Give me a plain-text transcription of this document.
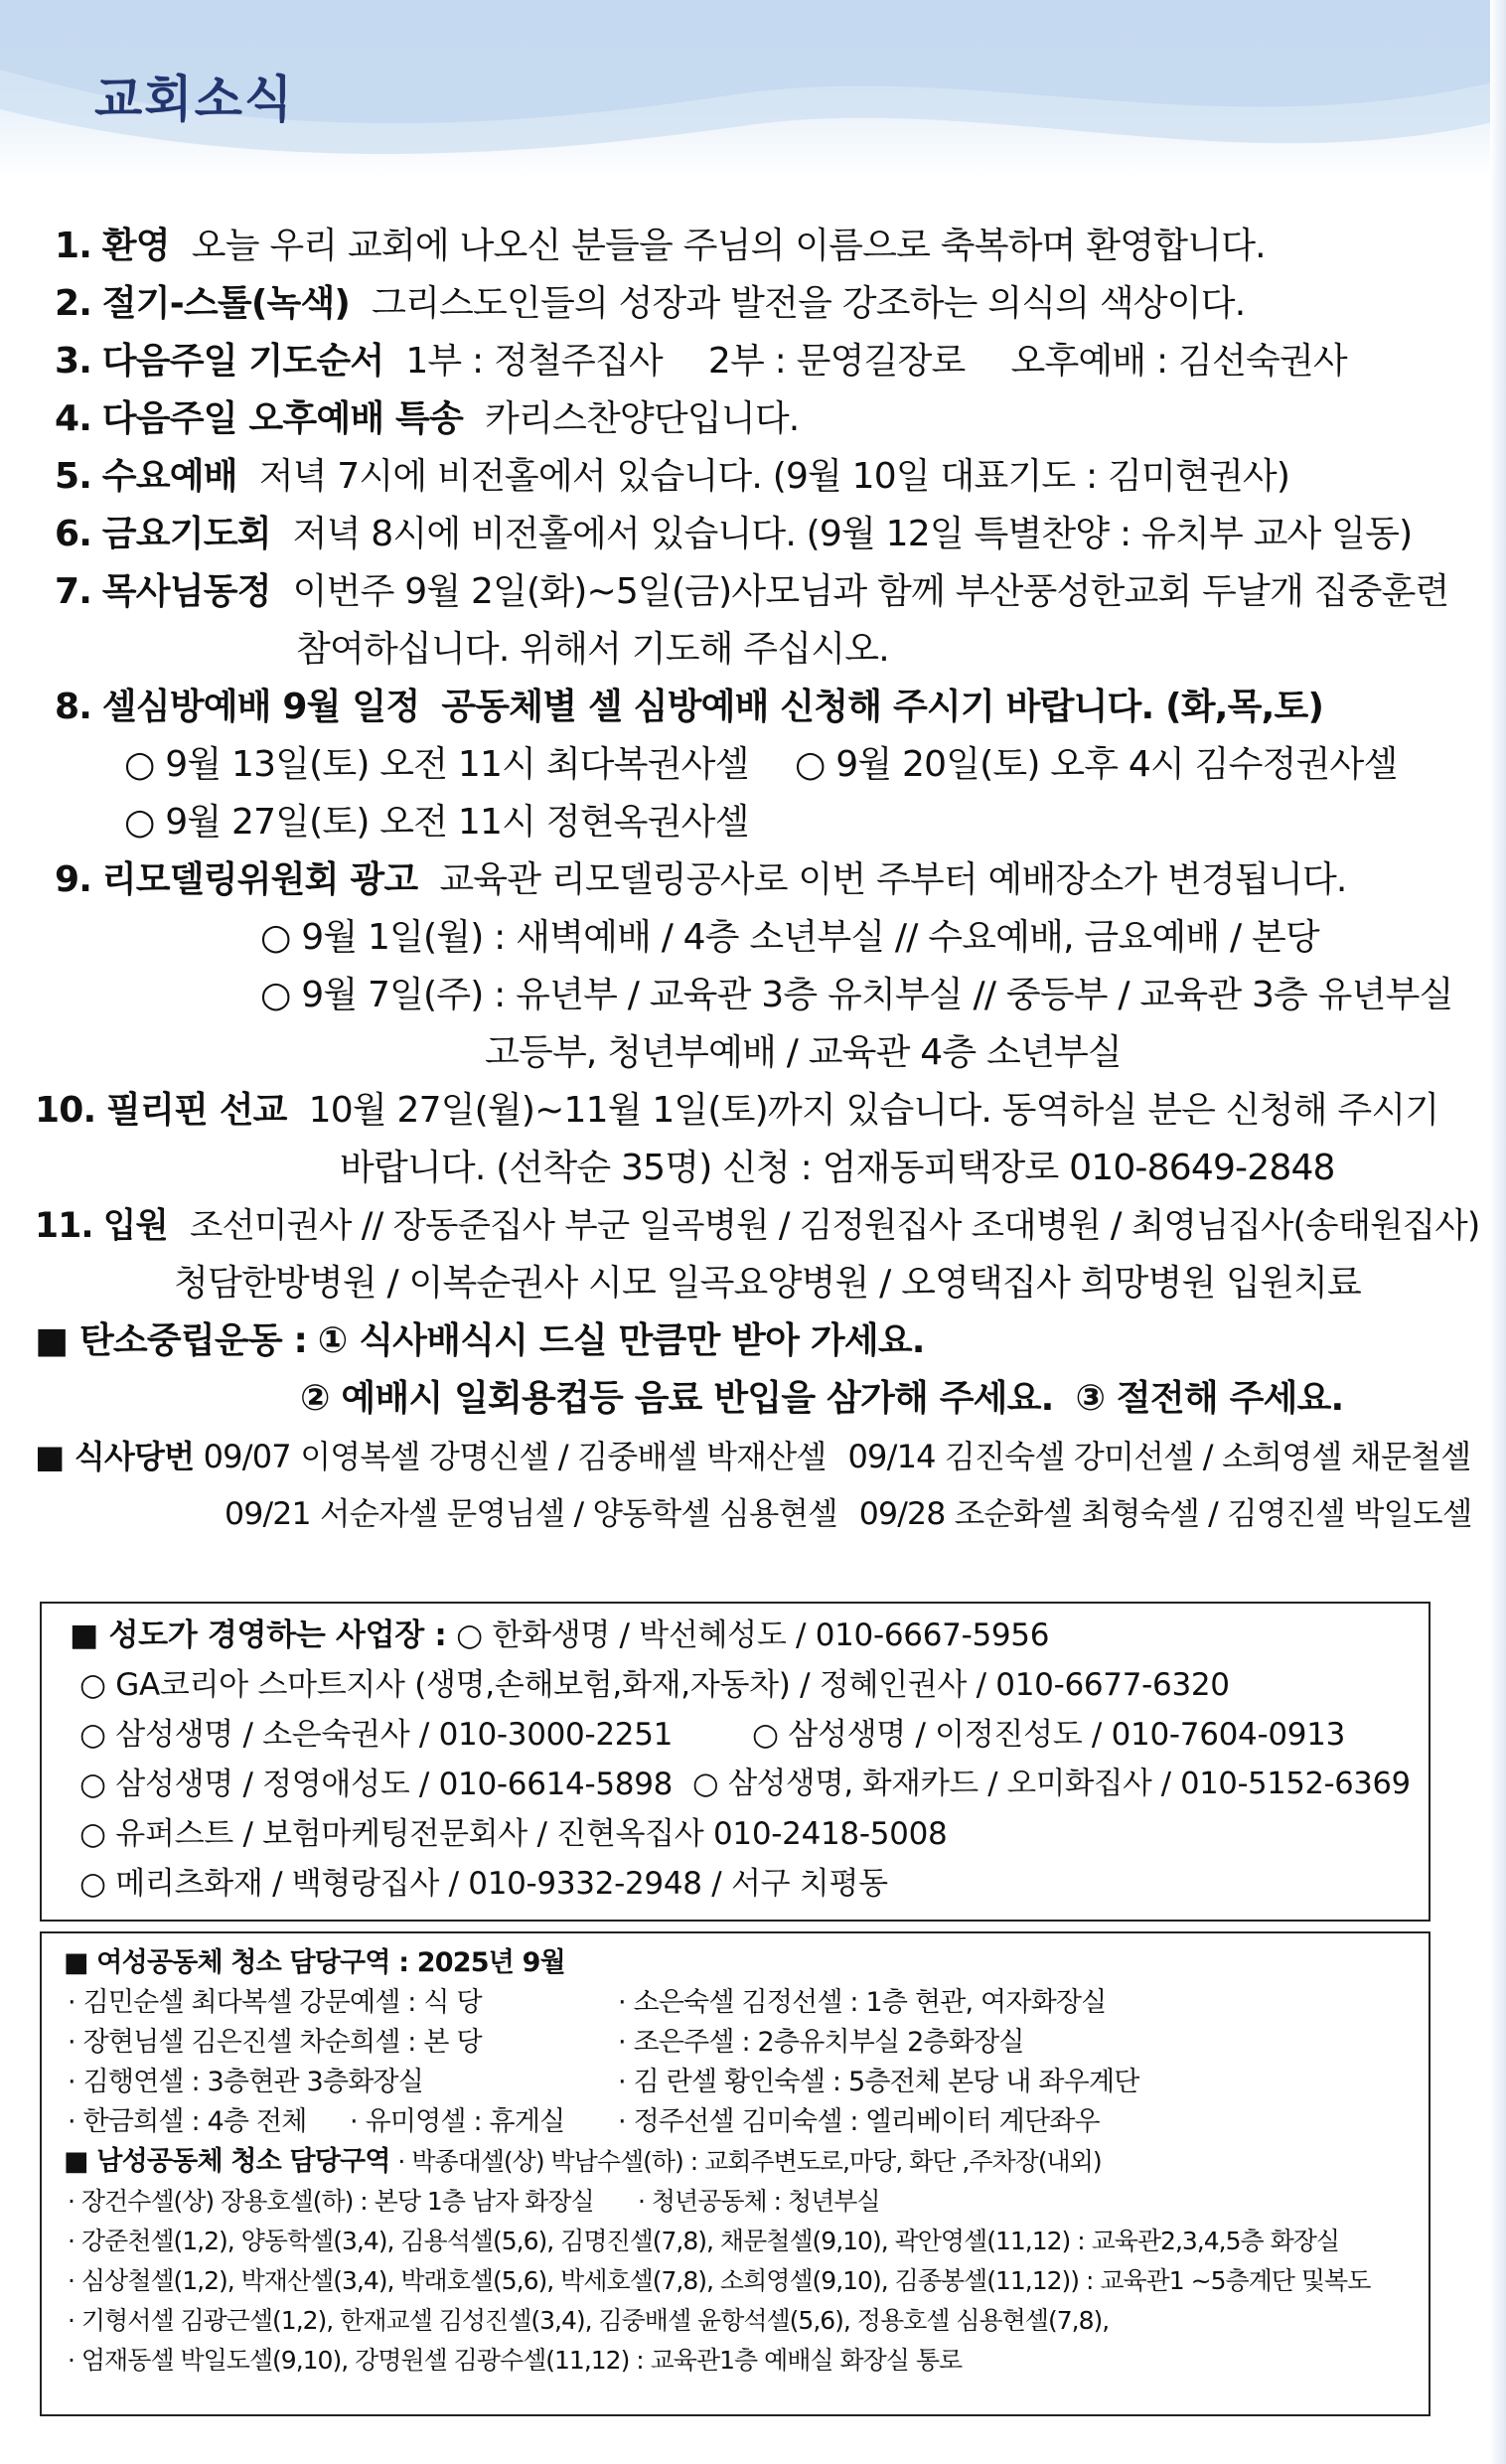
교회소식
1. 환영 오늘 우리 교회에 나오신 분들을 주님의 이름으로 축복하며 환영합니다.
2. 절기-스톨(녹색) 그리스도인들의 성장과 발전을 강조하는 의식의 색상이다.
3. 다음주일 기도순서 1부 : 정철주집사 2부 : 문영길장로 오후예배 : 김선숙권사
4. 다음주일 오후예배 특송 카리스찬양단입니다.
5. 수요예배 저녁 7시에 비전홀에서 있습니다. (9월 10일 대표기도 : 김미현권사)
6. 금요기도회 저녁 8시에 비전홀에서 있습니다. (9월 12일 특별찬양 : 유치부 교사 일동)
7. 목사님동정 이번주 9월 2일(화)~5일(금)사모님과 함께 부산풍성한교회 두날개 집중훈련
참여하십니다. 위해서 기도해 주십시오.
8. 셀심방예배 9월 일정 공동체별 셀 심방예배 신청해 주시기 바랍니다. (화,목,토)
○ 9월 13일(토) 오전 11시 최다복권사셀 ○ 9월 20일(토) 오후 4시 김수정권사셀
○ 9월 27일(토) 오전 11시 정현옥권사셀
9. 리모델링위원회 광고 교육관 리모델링공사로 이번 주부터 예배장소가 변경됩니다.
○ 9월 1일(월) : 새벽예배 / 4층 소년부실 // 수요예배, 금요예배 / 본당
○ 9월 7일(주) : 유년부 / 교육관 3층 유치부실 // 중등부 / 교육관 3층 유년부실
고등부, 청년부예배 / 교육관 4층 소년부실
10. 필리핀 선교 10월 27일(월)~11월 1일(토)까지 있습니다. 동역하실 분은 신청해 주시기
바랍니다. (선착순 35명) 신청 : 엄재동피택장로 010-8649-2848
11. 입원 조선미권사 // 장동준집사 부군 일곡병원 / 김정원집사 조대병원 / 최영님집사(송태원집사)
청담한방병원 / 이복순권사 시모 일곡요양병원 / 오영택집사 희망병원 입원치료
■ 탄소중립운동 : ① 식사배식시 드실 만큼만 받아 가세요.
② 예배시 일회용컵등 음료 반입을 삼가해 주세요. ③ 절전해 주세요.
■ 식사당번 09/07 이영복셀 강명신셀 / 김중배셀 박재산셀 09/14 김진숙셀 강미선셀 / 소희영셀 채문철셀
09/21 서순자셀 문영님셀 / 양동학셀 심용현셀 09/28 조순화셀 최형숙셀 / 김영진셀 박일도셀
■ 성도가 경영하는 사업장 : ○ 한화생명 / 박선혜성도 / 010-6667-5956
○ GA코리아 스마트지사 (생명,손해보험,화재,자동차) / 정혜인권사 / 010-6677-6320
○ 삼성생명 / 소은숙권사 / 010-3000-2251	○ 삼성생명 / 이정진성도 / 010-7604-0913
○ 삼성생명 / 정영애성도 / 010-6614-5898 ○ 삼성생명, 화재카드 / 오미화집사 / 010-5152-6369
○ 유퍼스트 / 보험마케팅전문회사 / 진현옥집사 010-2418-5008
○ 메리츠화재 / 백형랑집사 / 010-9332-2948 / 서구 치평동
■ 여성공동체 청소 담당구역 : 2025년 9월
· 김민순셀 최다복셀 강문예셀 : 식 당	· 소은숙셀 김정선셀 : 1층 현관, 여자화장실
· 장현님셀 김은진셀 차순희셀 : 본 당	· 조은주셀 : 2층유치부실 2층화장실
· 김행연셀 : 3층현관 3층화장실	· 김 란셀 황인숙셀 : 5층전체 본당 내 좌우계단
· 한금희셀 : 4층 전체 · 유미영셀 : 휴게실 · 정주선셀 김미숙셀 : 엘리베이터 계단좌우
■ 남성공동체 청소 담당구역 · 박종대셀(상) 박남수셀(하) : 교회주변도로,마당, 화단 ,주차장(내외)
· 장건수셀(상) 장용호셀(하) : 본당 1층 남자 화장실 · 청년공동체 : 청년부실
· 강준천셀(1,2), 양동학셀(3,4), 김용석셀(5,6), 김명진셀(7,8), 채문철셀(9,10), 곽안영셀(11,12) : 교육관2,3,4,5층 화장실
· 심상철셀(1,2), 박재산셀(3,4), 박래호셀(5,6), 박세호셀(7,8), 소희영셀(9,10), 김종봉셀(11,12)) : 교육관1 ~5층계단 및복도
· 기형서셀 김광근셀(1,2), 한재교셀 김성진셀(3,4), 김중배셀 윤항석셀(5,6), 정용호셀 심용현셀(7,8),
· 엄재동셀 박일도셀(9,10), 강명원셀 김광수셀(11,12) : 교육관1층 예배실 화장실 통로
